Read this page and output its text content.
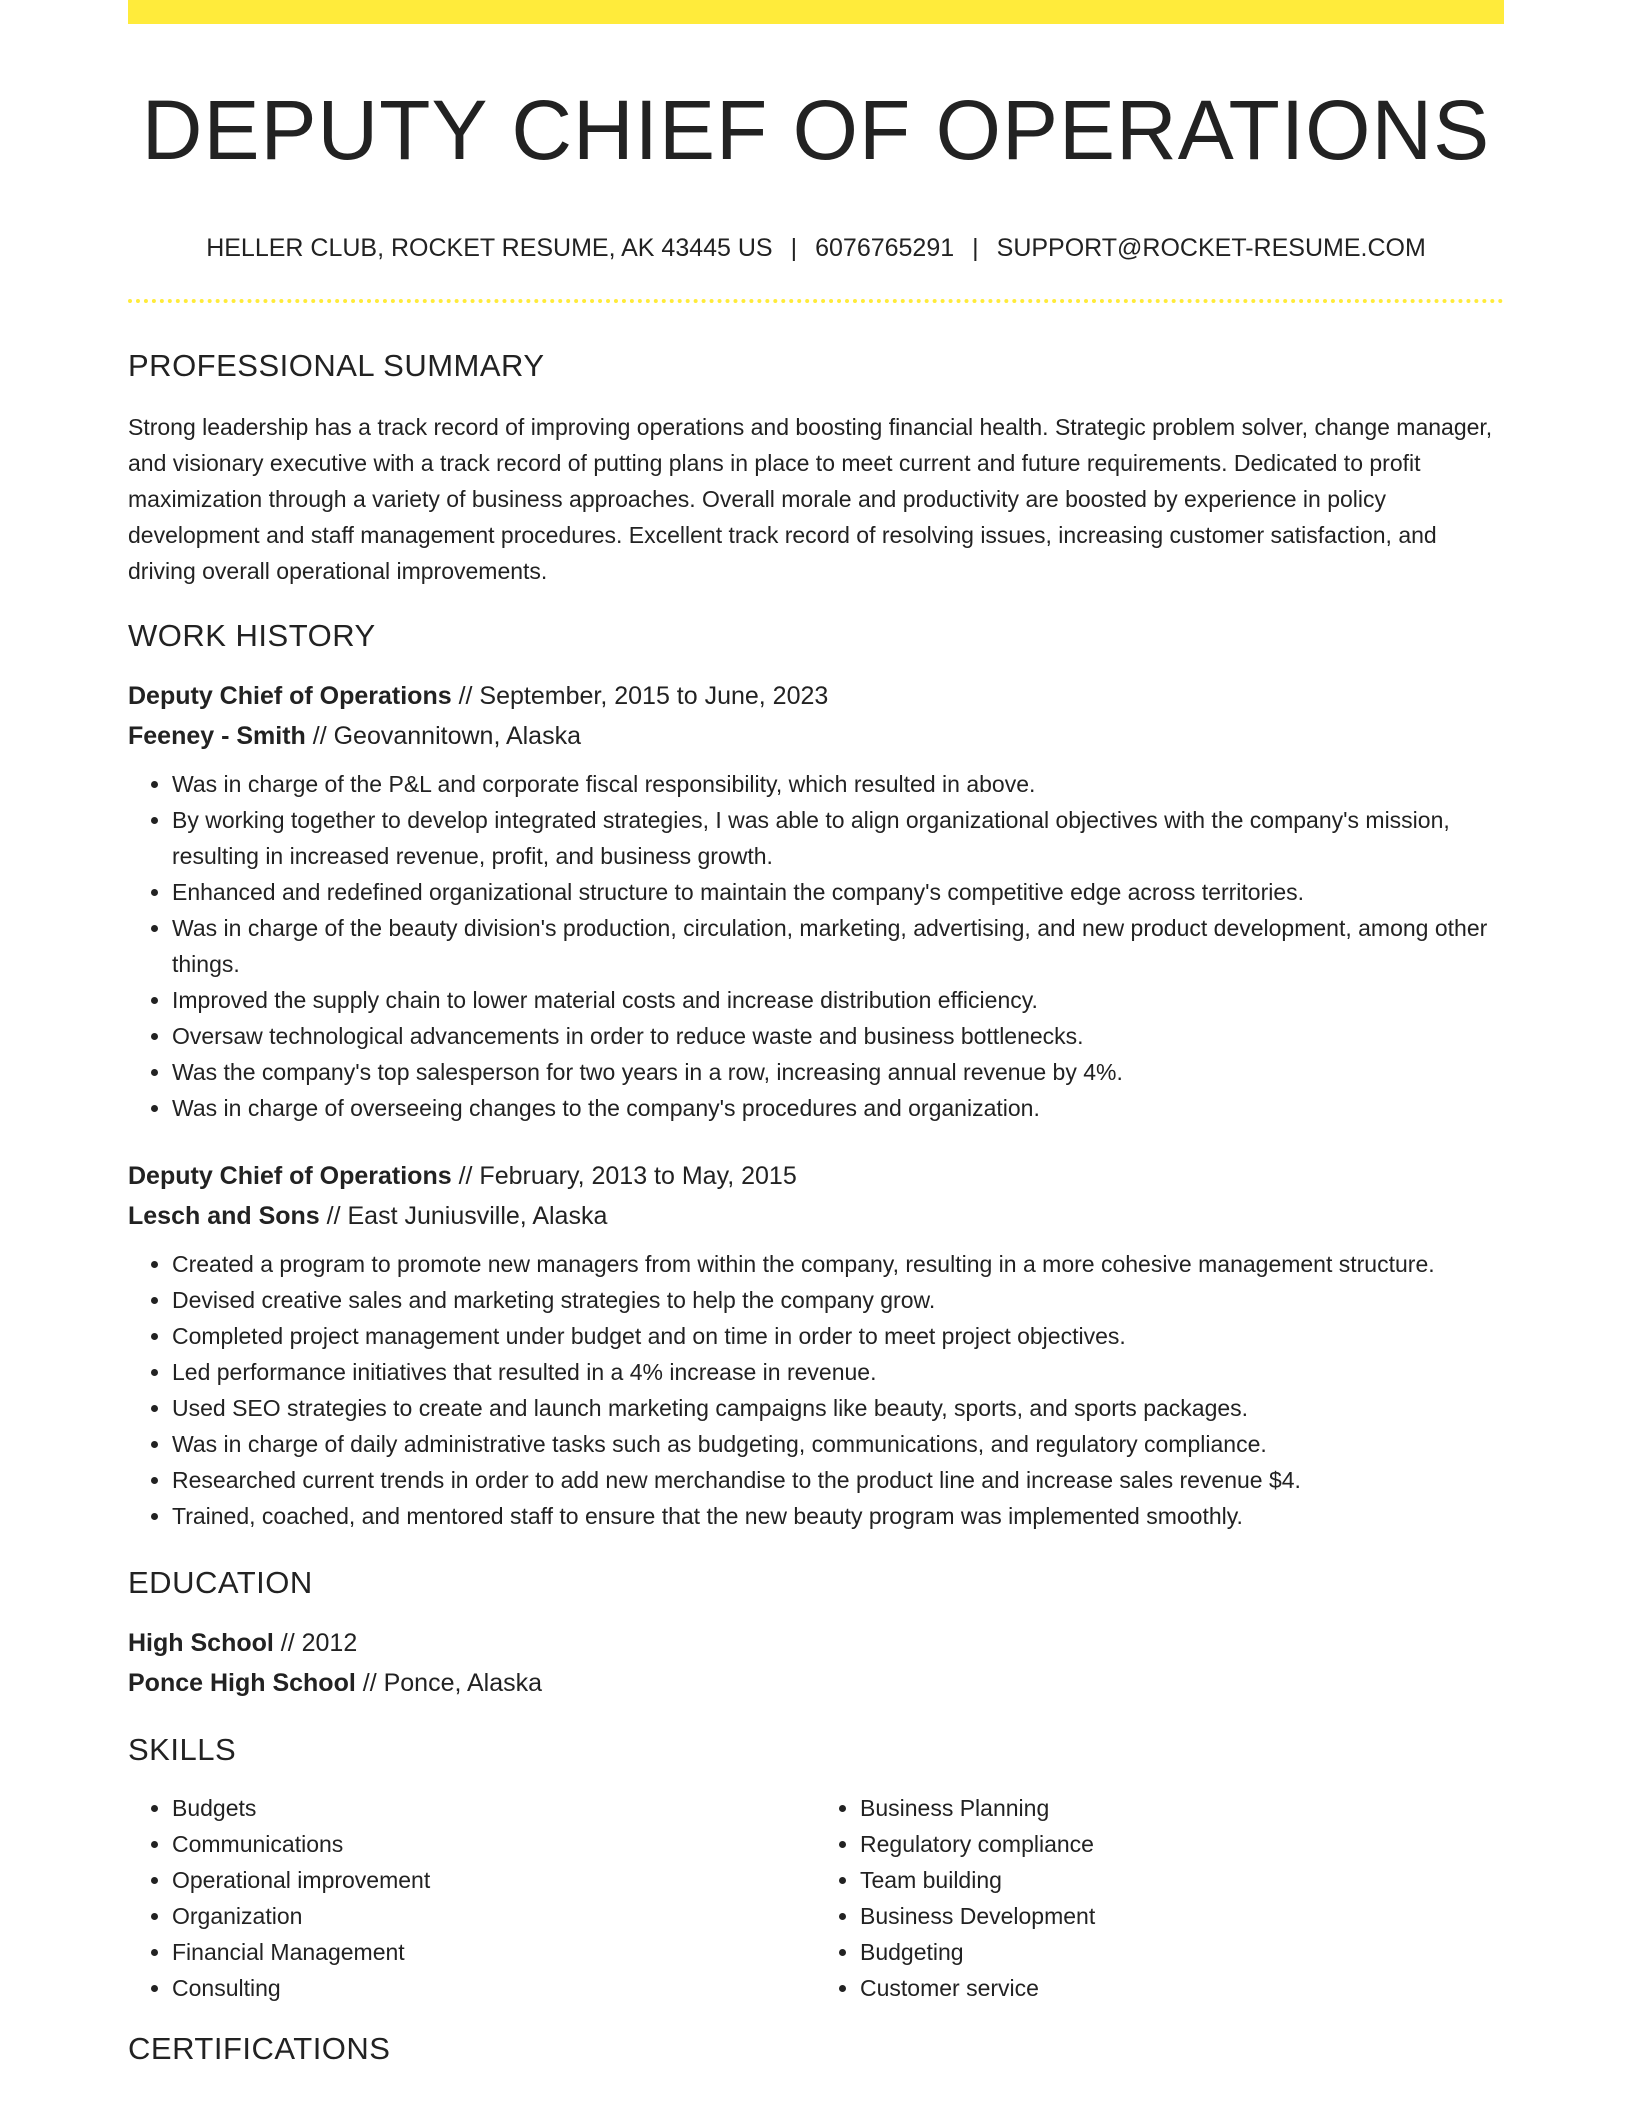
DEPUTY CHIEF OF OPERATIONS
HELLER CLUB, ROCKET RESUME, AK 43445 US | 6076765291 | SUPPORT@ROCKET-RESUME.COM
PROFESSIONAL SUMMARY
Strong leadership has a track record of improving operations and boosting financial health. Strategic problem solver, change manager, and visionary executive with a track record of putting plans in place to meet current and future requirements. Dedicated to profit maximization through a variety of business approaches. Overall morale and productivity are boosted by experience in policy development and staff management procedures. Excellent track record of resolving issues, increasing customer satisfaction, and driving overall operational improvements.
WORK HISTORY
Deputy Chief of Operations // September, 2015 to June, 2023
Feeney - Smith // Geovannitown, Alaska
• Was in charge of the P&L and corporate fiscal responsibility, which resulted in above.
• By working together to develop integrated strategies, I was able to align organizational objectives with the company's mission, resulting in increased revenue, profit, and business growth.
• Enhanced and redefined organizational structure to maintain the company's competitive edge across territories.
• Was in charge of the beauty division's production, circulation, marketing, advertising, and new product development, among other things.
• Improved the supply chain to lower material costs and increase distribution efficiency.
• Oversaw technological advancements in order to reduce waste and business bottlenecks.
• Was the company's top salesperson for two years in a row, increasing annual revenue by 4%.
• Was in charge of overseeing changes to the company's procedures and organization.
Deputy Chief of Operations // February, 2013 to May, 2015
Lesch and Sons // East Juniusville, Alaska
• Created a program to promote new managers from within the company, resulting in a more cohesive management structure.
• Devised creative sales and marketing strategies to help the company grow.
• Completed project management under budget and on time in order to meet project objectives.
• Led performance initiatives that resulted in a 4% increase in revenue.
• Used SEO strategies to create and launch marketing campaigns like beauty, sports, and sports packages.
• Was in charge of daily administrative tasks such as budgeting, communications, and regulatory compliance.
• Researched current trends in order to add new merchandise to the product line and increase sales revenue $4.
• Trained, coached, and mentored staff to ensure that the new beauty program was implemented smoothly.
EDUCATION
High School // 2012
Ponce High School // Ponce, Alaska
SKILLS
• Budgets
• Communications
• Operational improvement
• Organization
• Financial Management
• Consulting
• Business Planning
• Regulatory compliance
• Team building
• Business Development
• Budgeting
• Customer service
CERTIFICATIONS
